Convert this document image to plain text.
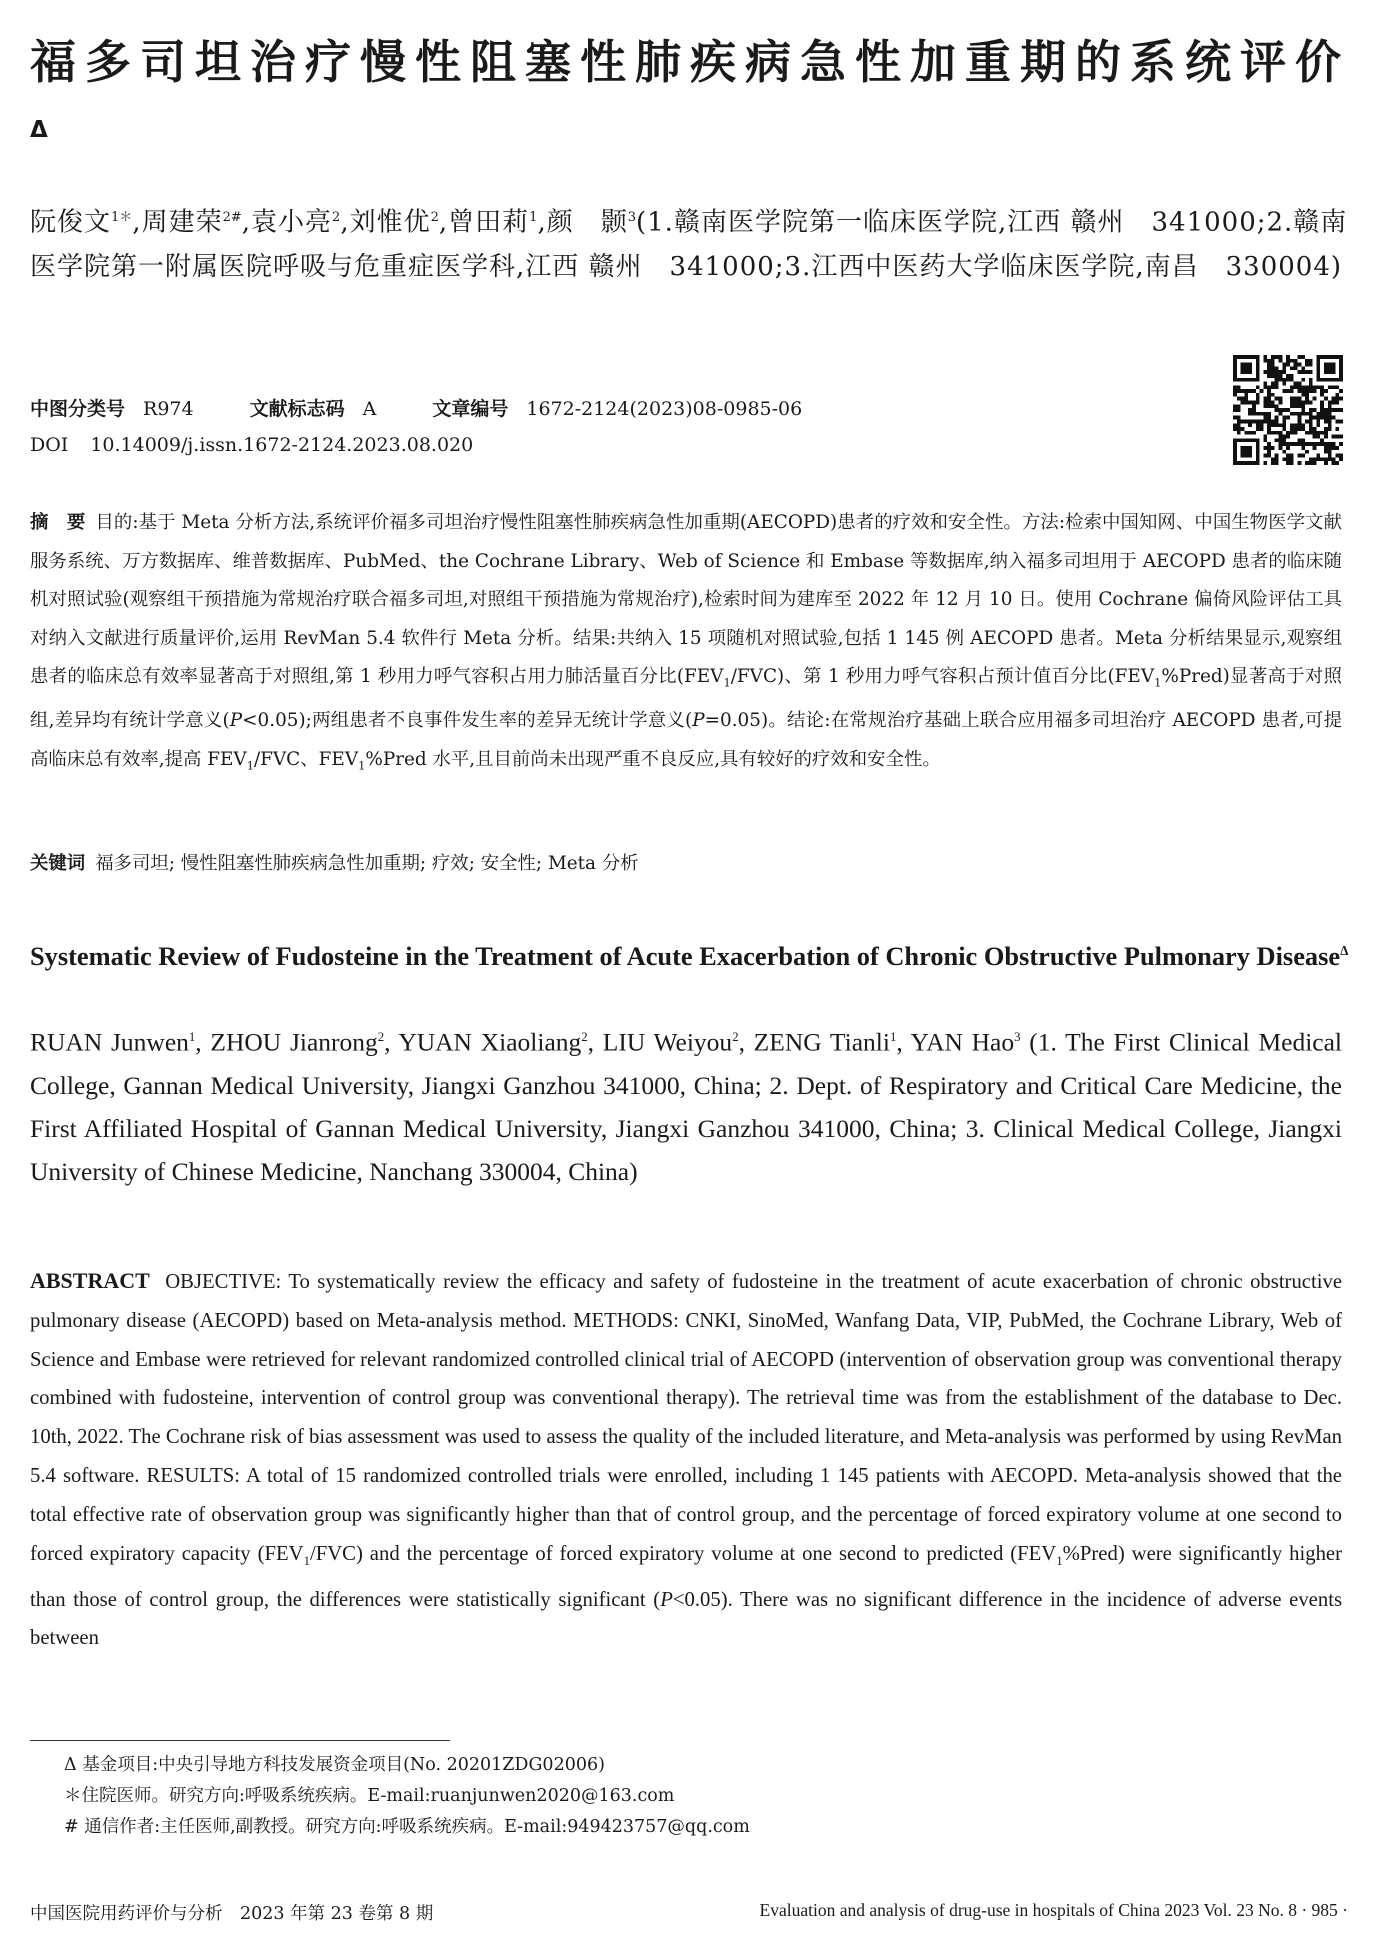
福多司坦治疗慢性阻塞性肺疾病急性加重期的系统评价$^\Delta$
阮俊文$^{1*}$,周建荣$^{2\#}$,袁小亮$^2$,刘惟优$^2$,曾田莉$^1$,颜　颢$^3$(1.赣南医学院第一临床医学院,江西 赣州　341000;2.赣南医学院第一附属医院呼吸与危重症医学科,江西 赣州　341000;3.江西中医药大学临床医学院,南昌　330004)
中图分类号 R974	文献标志码 A	文章编号 1672-2124(2023)08-0985-06
DOI 10.14009/j.issn.1672-2124.2023.08.020

摘　要 目的:基于 Meta 分析方法,系统评价福多司坦治疗慢性阻塞性肺疾病急性加重期(AECOPD)患者的疗效和安全性。方法:检索中国知网、中国生物医学文献服务系统、万方数据库、维普数据库、PubMed、the Cochrane Library、Web of Science 和 Embase 等数据库,纳入福多司坦用于 AECOPD 患者的临床随机对照试验(观察组干预措施为常规治疗联合福多司坦,对照组干预措施为常规治疗),检索时间为建库至 2022 年 12 月 10 日。使用 Cochrane 偏倚风险评估工具对纳入文献进行质量评价,运用 RevMan 5.4 软件行 Meta 分析。结果:共纳入 15 项随机对照试验,包括 1 145 例 AECOPD 患者。Meta 分析结果显示,观察组患者的临床总有效率显著高于对照组,第 1 秒用力呼气容积占用力肺活量百分比$(FEV_1/FVC)$、第 1 秒用力呼气容积占预计值百分比$(FEV_1\%Pred)$显著高于对照组,差异均有统计学意义(P<0.05);两组患者不良事件发生率的差异无统计学意义(P=0.05)。结论:在常规治疗基础上联合应用福多司坦治疗 AECOPD 患者,可提高临床总有效率,提高 $FEV_1$/FVC、$FEV_1\%Pred$ 水平,且目前尚未出现严重不良反应,具有较好的疗效和安全性。

关键词 福多司坦; 慢性阻塞性肺疾病急性加重期; 疗效; 安全性; Meta 分析
Systematic Review of Fudosteine in the Treatment of Acute Exacerbation of Chronic Obstructive Pulmonary Disease$^\Delta$
RUAN Junwen$^1$, ZHOU Jianrong$^2$, YUAN Xiaoliang$^2$, LIU Weiyou$^2$, ZENG Tianli$^1$, YAN Hao$^3$ (1. The First Clinical Medical College, Gannan Medical University, Jiangxi Ganzhou 341000, China; 2. Dept. of Respiratory and Critical Care Medicine, the First Affiliated Hospital of Gannan Medical University, Jiangxi Ganzhou 341000, China; 3. Clinical Medical College, Jiangxi University of Chinese Medicine, Nanchang 330004, China)

ABSTRACT OBJECTIVE: To systematically review the efficacy and safety of fudosteine in the treatment of acute exacerbation of chronic obstructive pulmonary disease (AECOPD) based on Meta-analysis method. METHODS: CNKI, SinoMed, Wanfang Data, VIP, PubMed, the Cochrane Library, Web of Science and Embase were retrieved for relevant randomized controlled clinical trial of AECOPD (intervention of observation group was conventional therapy combined with fudosteine, intervention of control group was conventional therapy). The retrieval time was from the establishment of the database to Dec. 10th, 2022. The Cochrane risk of bias assessment was used to assess the quality of the included literature, and Meta-analysis was performed by using RevMan 5.4 software. RESULTS: A total of 15 randomized controlled trials were enrolled, including 1 145 patients with AECOPD. Meta-analysis showed that the total effective rate of observation group was significantly higher than that of control group, and the percentage of forced expiratory volume at one second to forced expiratory capacity $(FEV_1/FVC)$ and the percentage of forced expiratory volume at one second to predicted $(FEV_1\%Pred)$ were significantly higher than those of control group, the differences were statistically significant (P<0.05). There was no significant difference in the incidence of adverse events between

Δ 基金项目:中央引导地方科技发展资金项目(No. 20201ZDG02006)
＊住院医师。研究方向:呼吸系统疾病。E-mail:ruanjunwen2020@163.com
# 通信作者:主任医师,副教授。研究方向:呼吸系统疾病。E-mail:949423757@qq.com
中国医院用药评价与分析　2023 年第 23 卷第 8 期	Evaluation and analysis of drug-use in hospitals of China 2023 Vol. 23 No. 8 · 985 ·
